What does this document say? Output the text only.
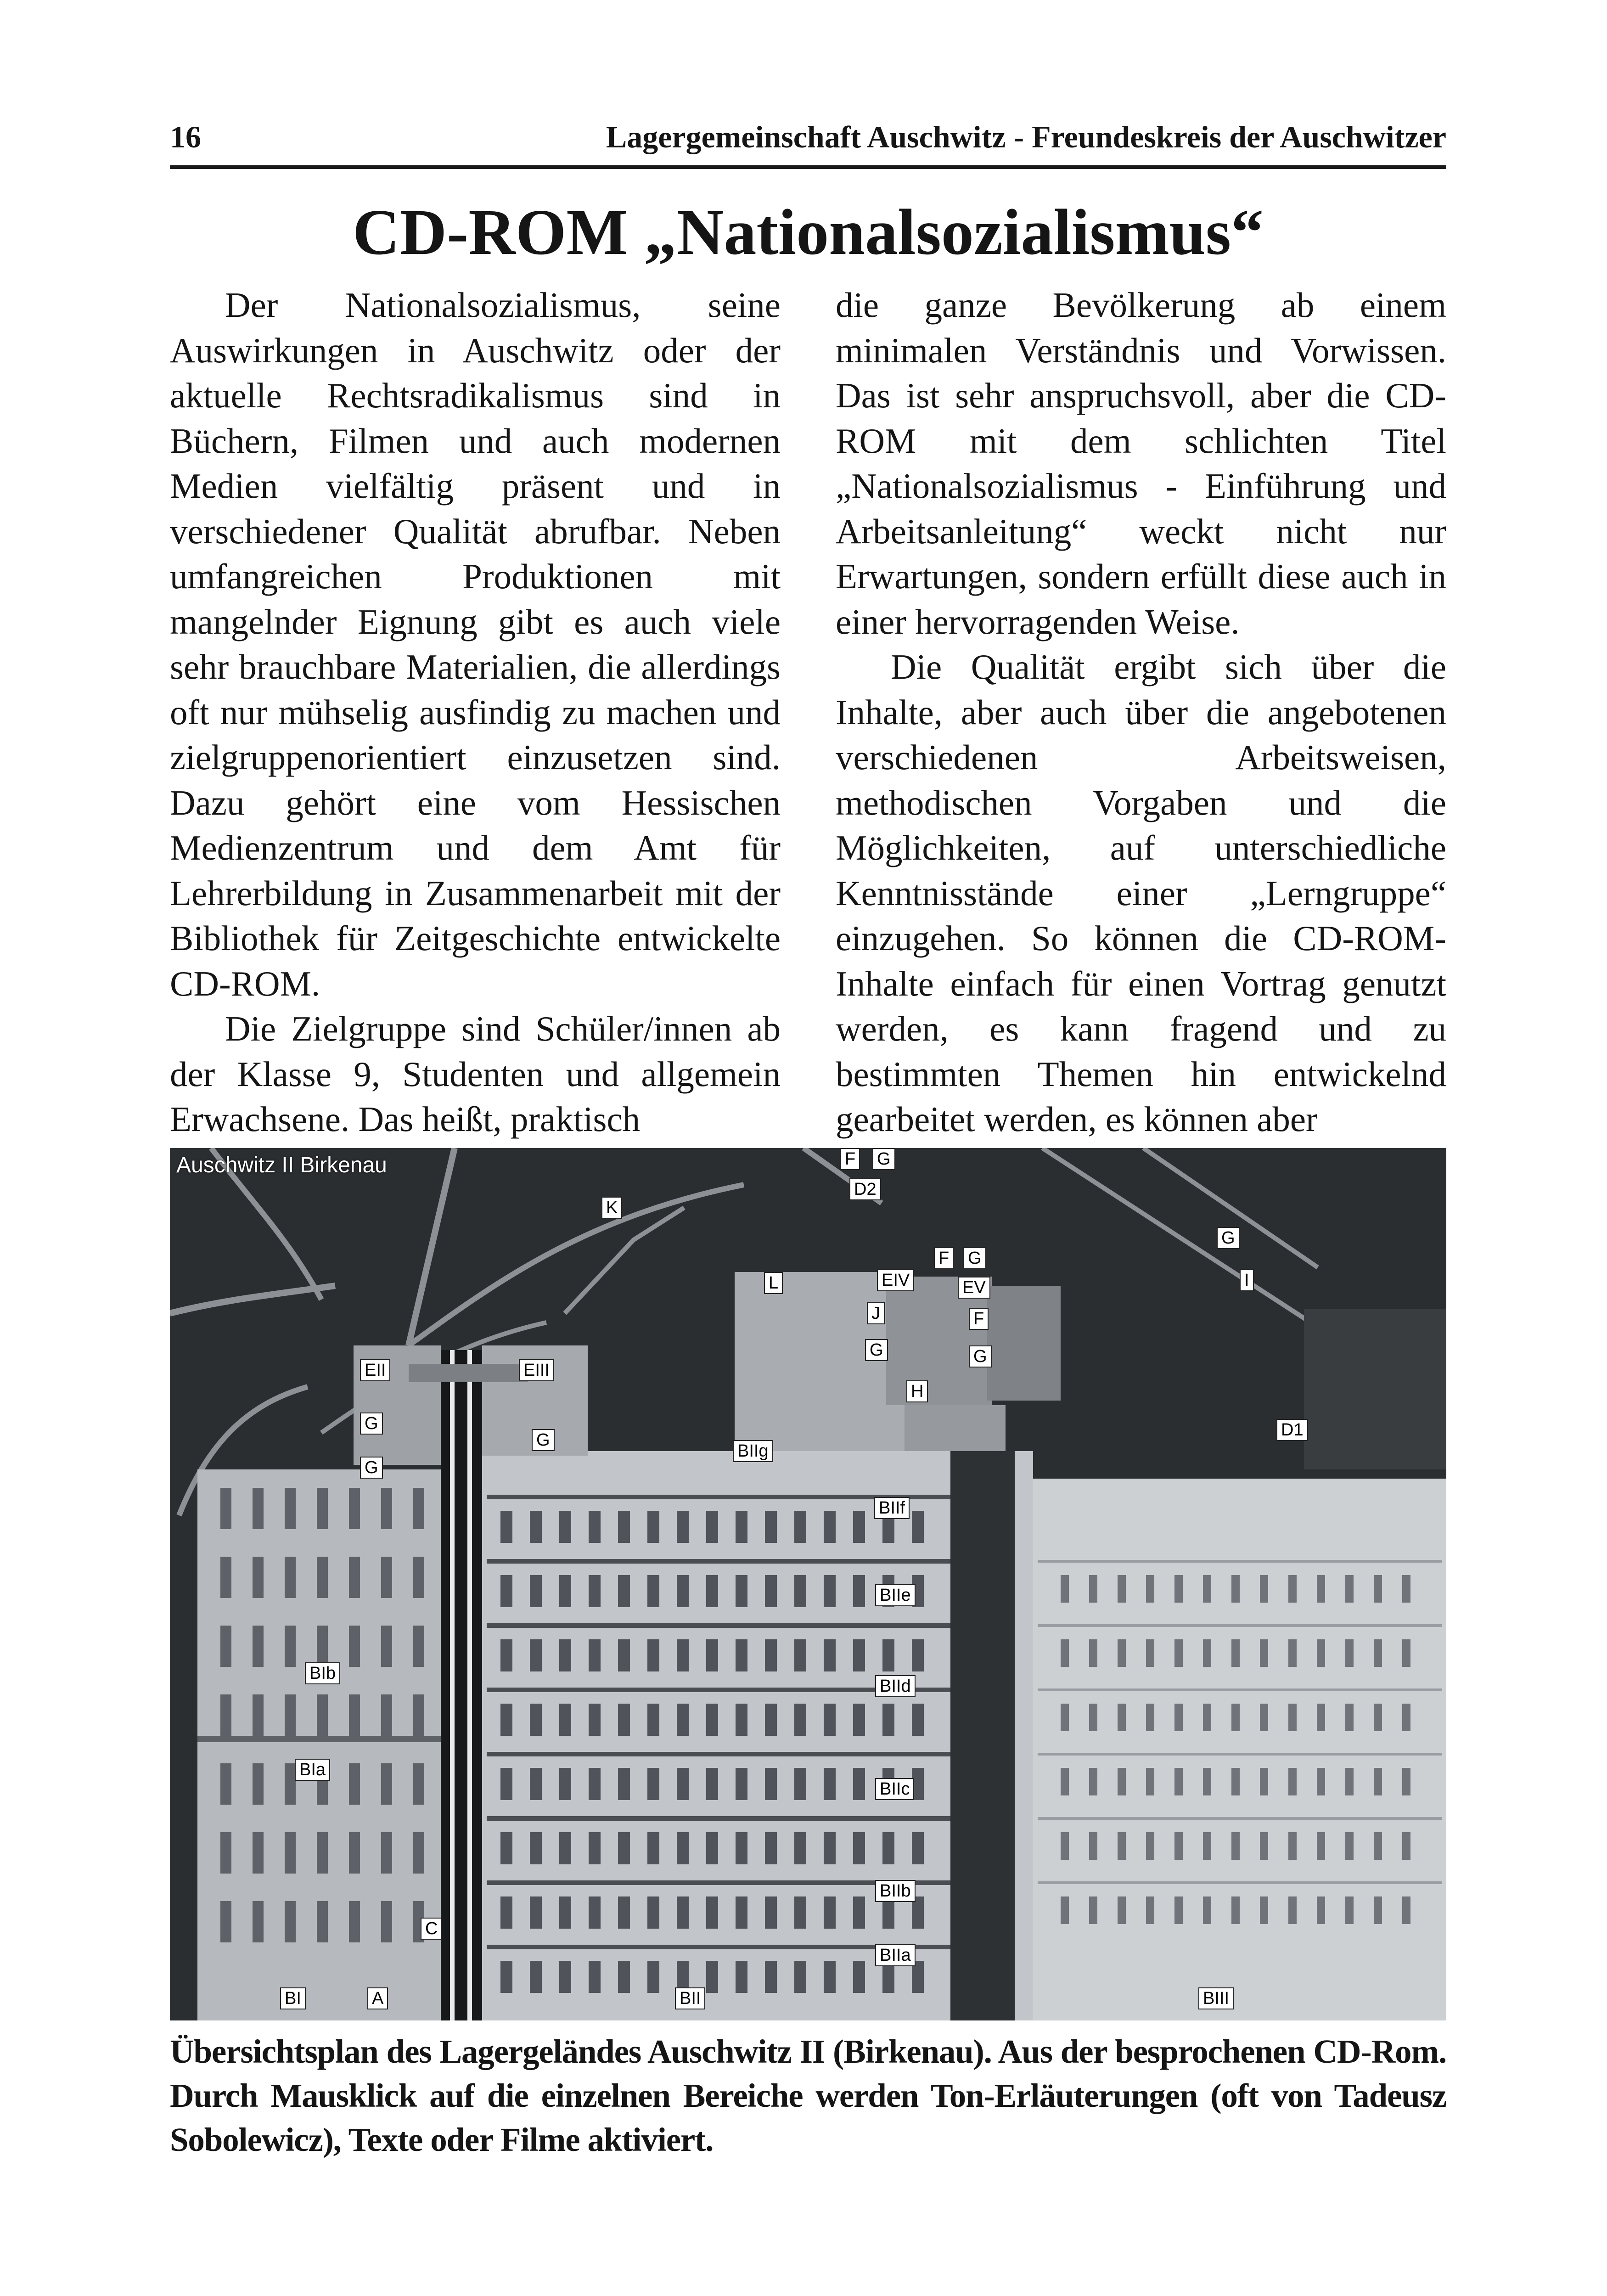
16	Lagergemeinschaft Auschwitz - Freundeskreis der Auschwitzer
CD-ROM „Nationalsozialismus“

Der Nationalsozialismus, seine Auswirkungen in Auschwitz oder der aktuelle Rechtsradikalismus sind in Büchern, Filmen und auch modernen Medien vielfältig präsent und in verschiedener Qualität abrufbar. Neben umfangreichen Produktionen mit mangelnder Eignung gibt es auch viele sehr brauchbare Materialien, die allerdings oft nur mühselig ausfindig zu machen und zielgruppenorientiert einzusetzen sind. Dazu gehört eine vom Hessischen Medienzentrum und dem Amt für Lehrerbildung in Zusammenarbeit mit der Bibliothek für Zeitgeschichte entwickelte CD-ROM.

Die Zielgruppe sind Schüler/innen ab der Klasse 9, Studenten und allgemein Erwachsene. Das heißt, praktisch

die ganze Bevölkerung ab einem minimalen Verständnis und Vorwissen. Das ist sehr anspruchsvoll, aber die CD-ROM mit dem schlichten Titel „Nationalsozialismus - Einführung und Arbeitsanleitung“ weckt nicht nur Erwartungen, sondern erfüllt diese auch in einer hervorragenden Weise.

Die Qualität ergibt sich über die Inhalte, aber auch über die angebotenen verschiedenen Arbeitsweisen, methodischen Vorgaben und die Möglichkeiten, auf unterschiedliche Kenntnisstände einer „Lerngruppe“ einzugehen. So können die CD-ROM-Inhalte einfach für einen Vortrag genutzt werden, es kann fragend und zu bestimmten Themen hin entwickelnd gearbeitet werden, es können aber

Auschwitz II Birkenau	F G
D2
K
G
I
F G
L	EIV	EV
J	F
G	G
EII	EIII
H
G
G
D1
G
BIIg
BIIf
BIIe
BIb
BIId
BIa
BIIc
BIIb
C
BIIa
BI	A	BII	BIII
Übersichtsplan des Lagergeländes Auschwitz II (Birkenau). Aus der besprochenen CD-Rom. Durch Mausklick auf die einzelnen Bereiche werden Ton-Erläuterungen (oft von Tadeusz Sobolewicz), Texte oder Filme aktiviert.
